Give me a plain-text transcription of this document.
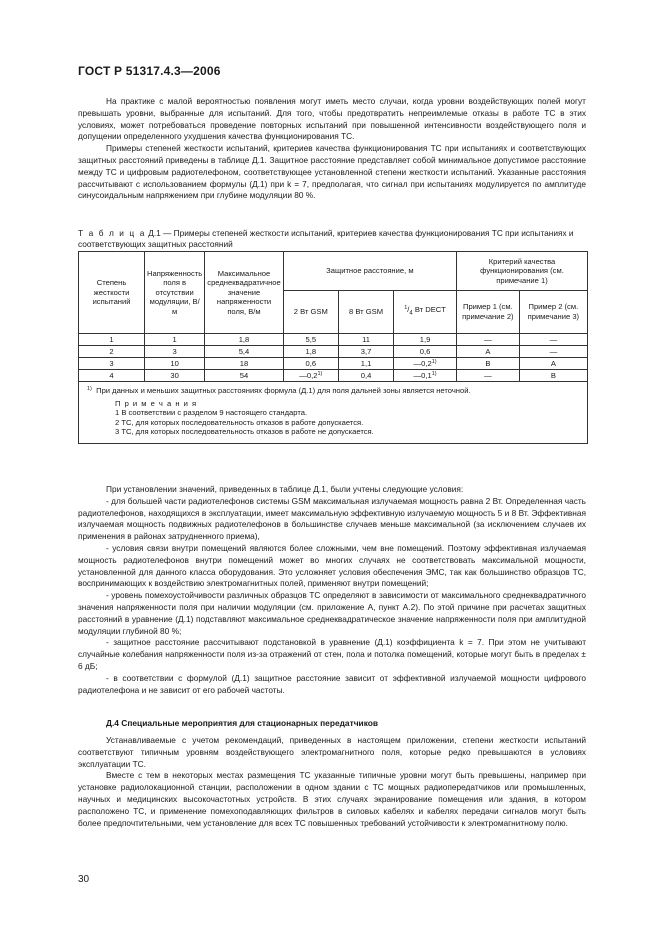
ГОСТ Р 51317.4.3—2006

На практике с малой вероятностью появления могут иметь место случаи, когда уровни воздействующих полей могут превышать уровни, выбранные для испытаний. Для того, чтобы предотвратить непреимлемые отказы в работе ТС в этих условиях, может потребоваться проведение повторных испытаний при повышенной интенсивности воздействующего поля и допущении определенного ухудшения качества функционирования ТС.

Примеры степеней жесткости испытаний, критериев качества функционирования ТС при испытаниях и соответствующих защитных расстояний приведены в таблице Д.1. Защитное расстояние представляет собой минимальное допустимое расстояние между ТС и цифровым радиотелефоном, соответствующее установленной степени жесткости испытаний. Указанные расстояния рассчитывают с использованием формулы (Д.1) при k = 7, предполагая, что сигнал при испытаниях модулируется по амплитуде синусоидальным напряжением при глубине модуляции 80 %.

Т а б л и ц а Д.1 — Примеры степеней жесткости испытаний, критериев качества функционирования ТС при испытаниях и соответствующих защитных расстояний
Степень жесткости испытаний	Напряженность поля в отсутствии модуляции, В/м	Максимальное среднеквадратичное значение напряженности поля, В/м	Защитное расстояние, м			Критерий качества функционирования (см. примечание 1)	
			2 Вт GSM	8 Вт GSM	$^1/_4$ Вт DECT	Пример 1 (см. примечание 2)	Пример 2 (см. примечание 3)
1	1	1,8	5,5	11	1,9	—	—
2	3	5,4	1,8	3,7	0,6	А	—
3	10	18	0,6	1,1	—0,2$^{1)}$	В	А
4	30	54	—0,2$^{1)}$	0,4	—0,1$^{1)}$	—	В

$^{1)}$ При данных и меньших защитных расстояниях формула (Д.1) для поля дальней зоны является неточной.
П р и м е ч а н и я
1 В соответствии с разделом 9 настоящего стандарта.
2 ТС, для которых последовательность отказов в работе допускается.
3 ТС, для которых последовательность отказов в работе не допускается.							

При установлении значений, приведенных в таблице Д.1, были учтены следующие условия:

- для большей части радиотелефонов системы GSM максимальная излучаемая мощность равна 2 Вт. Определенная часть радиотелефонов, находящихся в эксплуатации, имеет максимальную эффективную излучаемую мощность 5 и 8 Вт. Эффективная излучаемая мощность подвижных радиотелефонов в большинстве случаев меньше максимальной (за исключением случаев их применения в районах затрудненного приема),

- условия связи внутри помещений являются более сложными, чем вне помещений. Поэтому эффективная излучаемая мощность радиотелефонов внутри помещений может во многих случаях не соответствовать максимальной мощности, установленной для данного класса оборудования. Это усложняет условия обеспечения ЭМС, так как большинство образцов ТС, воспринимающих к воздействию электромагнитных полей, применяют внутри помещений;

- уровень помехоустойчивости различных образцов ТС определяют в зависимости от максимального среднеквадратичного значения напряженности поля при наличии модуляции (см. приложение А, пункт А.2). По этой причине при расчетах защитных расстояний в уравнение (Д.1) подставляют максимальное среднеквадратическое значение напряженности поля при амплитудной модуляции глубиной 80 %;

- защитное расстояние рассчитывают подстановкой в уравнение (Д.1) коэффициента k = 7. При этом не учитывают случайные колебания напряженности поля из-за отражений от стен, пола и потолка помещений, которые могут быть в пределах ± 6 дБ;

- в соответствии с формулой (Д.1) защитное расстояние зависит от эффективной излучаемой мощности цифрового радиотелефона и не зависит от его рабочей частоты.

Д.4 Специальные мероприятия для стационарных передатчиков

Устанавливаемые с учетом рекомендаций, приведенных в настоящем приложении, степени жесткости испытаний соответствуют типичным уровням воздействующего электромагнитного поля, которые редко превышаются в условиях эксплуатации ТС.

Вместе с тем в некоторых местах размещения ТС указанные типичные уровни могут быть превышены, например при установке радиолокационной станции, расположении в одном здании с ТС мощных радиопередатчиков или промышленных, научных и медицинских высокочастотных устройств. В этих случаях экранирование помещения или здания, в котором расположено ТС, и применение помехоподавляющих фильтров в силовых кабелях и кабелях передачи сигналов могут быть более предпочтительными, чем установление для всех ТС повышенных требований устойчивости к электромагнитному полю.

30
